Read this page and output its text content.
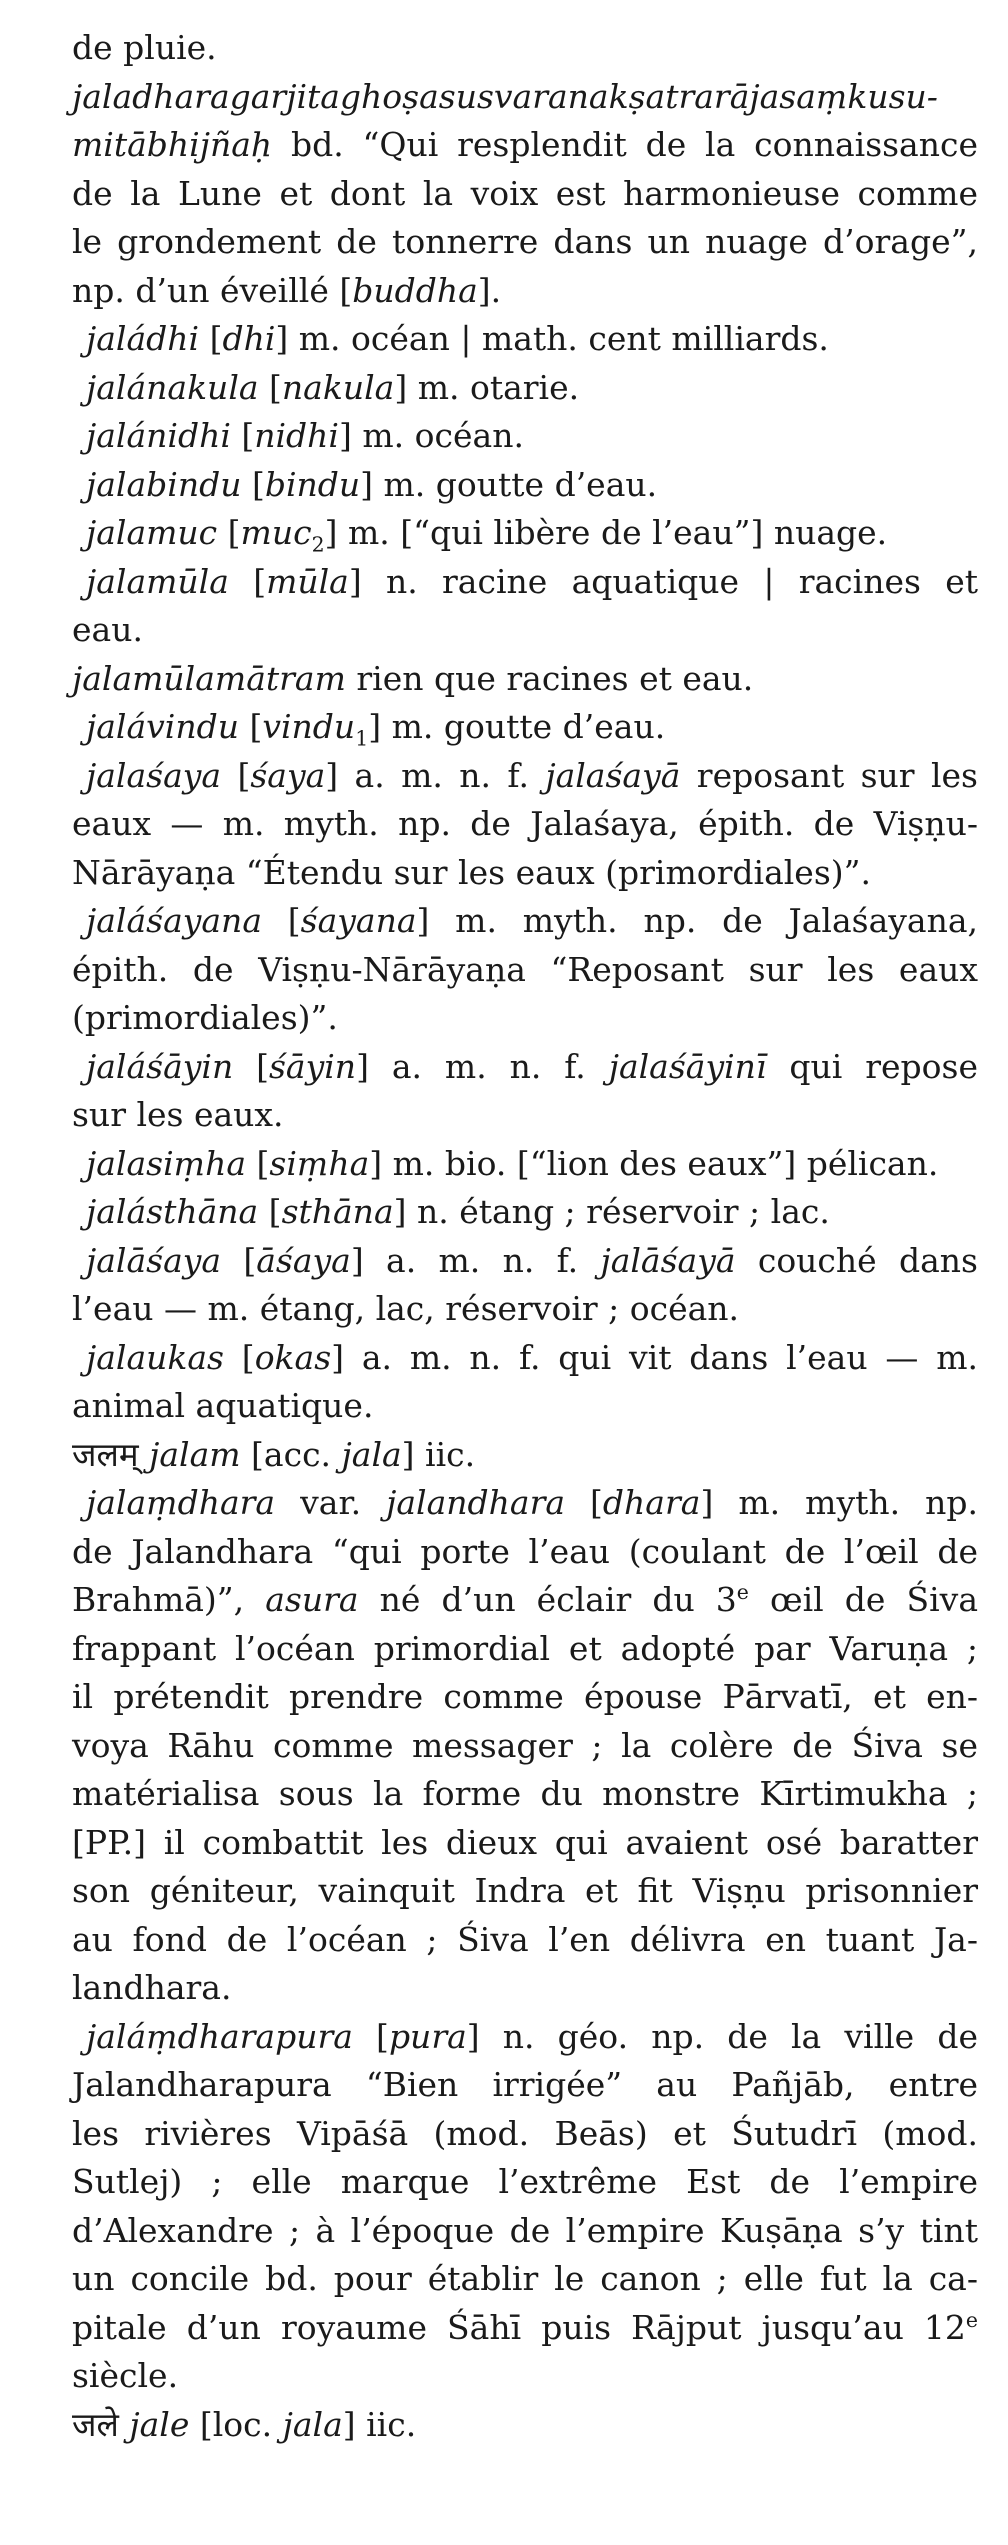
de pluie.
jaladharagarjitaghoṣasusvaranakṣatrarājasaṃkusu-
mitābhijñaḥ bd. “Qui resplendit de la connaissance
de la Lune et dont la voix est harmonieuse comme
le grondement de tonnerre dans un nuage d’orage”,
np. d’un éveillé [buddha].
jaládhi [dhi] m. océan | math. cent milliards.
jalánakula [nakula] m. otarie.
jalánidhi [nidhi] m. océan.
jalabindu [bindu] m. goutte d’eau.
jalamuc [muc$_2$] m. [“qui libère de l’eau”] nuage.
jalamūla [mūla] n. racine aquatique | racines et
eau.
jalamūlamātram rien que racines et eau.
jalávindu [vindu$_1$] m. goutte d’eau.
jalaśaya [śaya] a. m. n. f. jalaśayā reposant sur les
eaux — m. myth. np. de Jalaśaya, épith. de Viṣṇu-
Nārāyaṇa “Étendu sur les eaux (primordiales)”.
jaláśayana [śayana] m. myth. np. de Jalaśayana,
épith. de Viṣṇu-Nārāyaṇa “Reposant sur les eaux
(primordiales)”.
jaláśāyin [śāyin] a. m. n. f. jalaśāyinī qui repose
sur les eaux.
jalasiṃha [siṃha] m. bio. [“lion des eaux”] pélican.
jalásthāna [sthāna] n. étang ; réservoir ; lac.
jalāśaya [āśaya] a. m. n. f. jalāśayā couché dans
l’eau — m. étang, lac, réservoir ; océan.
jalaukas [okas] a. m. n. f. qui vit dans l’eau — m.
animal aquatique.
जलम् jalam [acc. jala] iic.
jalaṃdhara var. jalandhara [dhara] m. myth. np.
de Jalandhara “qui porte l’eau (coulant de l’œil de
Brahmā)”, asura né d’un éclair du 3e œil de Śiva
frappant l’océan primordial et adopté par Varuṇa ;
il prétendit prendre comme épouse Pārvatī, et en-
voya Rāhu comme messager ; la colère de Śiva se
matérialisa sous la forme du monstre Kīrtimukha ;
[PP.] il combattit les dieux qui avaient osé baratter
son géniteur, vainquit Indra et fit Viṣṇu prisonnier
au fond de l’océan ; Śiva l’en délivra en tuant Ja-
landhara.
jaláṃdharapura [pura] n. géo. np. de la ville de
Jalandharapura “Bien irrigée” au Pañjāb, entre
les rivières Vipāśā (mod. Beās) et Śutudrī (mod.
Sutlej) ; elle marque l’extrême Est de l’empire
d’Alexandre ; à l’époque de l’empire Kuṣāṇa s’y tint
un concile bd. pour établir le canon ; elle fut la ca-
pitale d’un royaume Śāhī puis Rājput jusqu’au 12e
siècle.
जले jale [loc. jala] iic.
